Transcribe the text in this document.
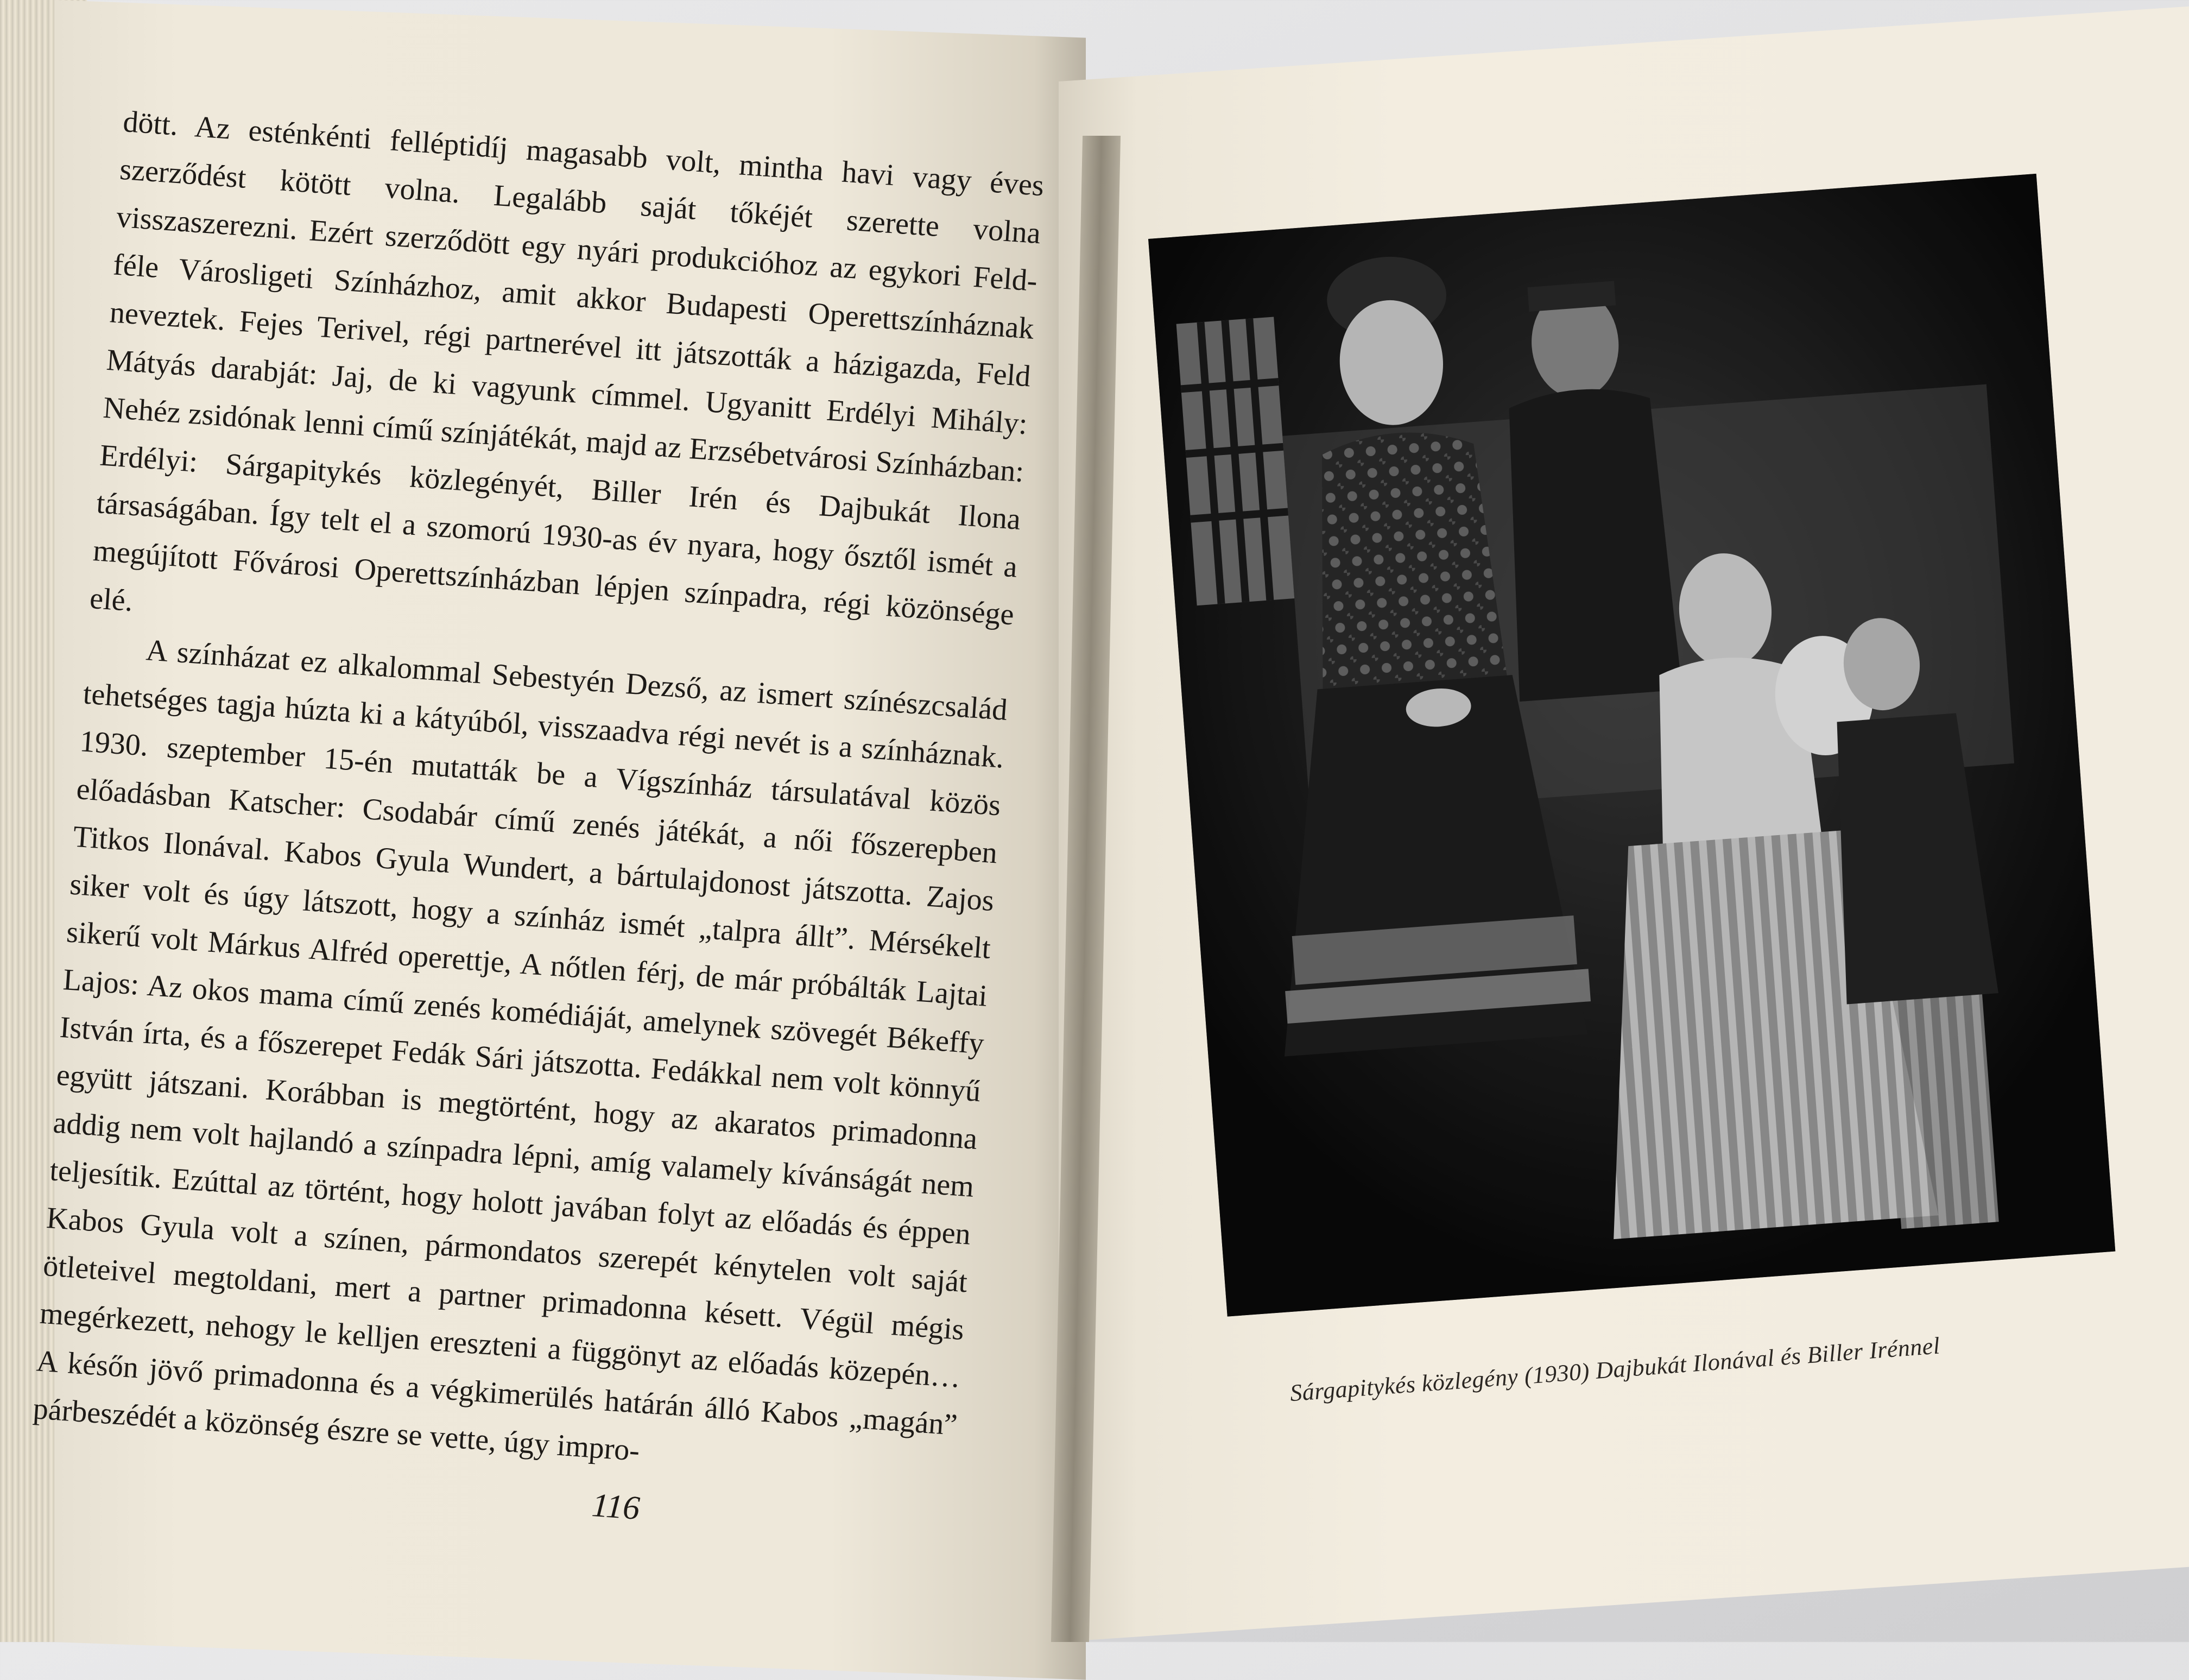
dött. Az esténkénti felléptidíj magasabb volt, mintha havi vagy éves szerződést kötött volna. Legalább saját tőkéjét szerette volna visszaszerezni. Ezért szerződött egy nyári produkcióhoz az egykori Feld-féle Városligeti Színházhoz, amit akkor Budapesti Operettszínháznak neveztek. Fejes Terivel, régi partnerével itt játszották a házigazda, Feld Mátyás darabját: Jaj, de ki vagyunk címmel. Ugyanitt Erdélyi Mihály: Nehéz zsidónak lenni című színjátékát, majd az Erzsébetvárosi Színházban: Erdélyi: Sárgapitykés közlegényét, Biller Irén és Dajbukát Ilona társaságában. Így telt el a szomorú 1930-as év nyara, hogy ősztől ismét a megújított Fővárosi Operettszínházban lépjen színpadra, régi közönsége elé.

A színházat ez alkalommal Sebestyén Dezső, az ismert színészcsalád tehetséges tagja húzta ki a kátyúból, visszaadva régi nevét is a színháznak. 1930. szeptember 15-én mutatták be a Vígszínház társulatával közös előadásban Katscher: Csodabár című zenés játékát, a női főszerepben Titkos Ilonával. Kabos Gyula Wundert, a bártulajdonost játszotta. Zajos siker volt és úgy látszott, hogy a színház ismét „talpra állt”. Mérsékelt sikerű volt Márkus Alfréd operettje, A nőtlen férj, de már próbálták Lajtai Lajos: Az okos mama című zenés komédiáját, amelynek szövegét Békeffy István írta, és a főszerepet Fedák Sári játszotta. Fedákkal nem volt könnyű együtt játszani. Korábban is megtörtént, hogy az akaratos primadonna addig nem volt hajlandó a színpadra lépni, amíg valamely kívánságát nem teljesítik. Ezúttal az történt, hogy holott javában folyt az előadás és éppen Kabos Gyula volt a színen, pármondatos szerepét kénytelen volt saját ötleteivel megtoldani, mert a partner primadonna késett. Végül mégis megérkezett, nehogy le kelljen ereszteni a függönyt az előadás közepén… A későn jövő primadonna és a végkimerülés határán álló Kabos „magán” párbeszédét a közönség észre se vette, úgy impro-

116
Sárgapitykés közlegény (1930) Dajbukát Ilonával és Biller Irénnel
